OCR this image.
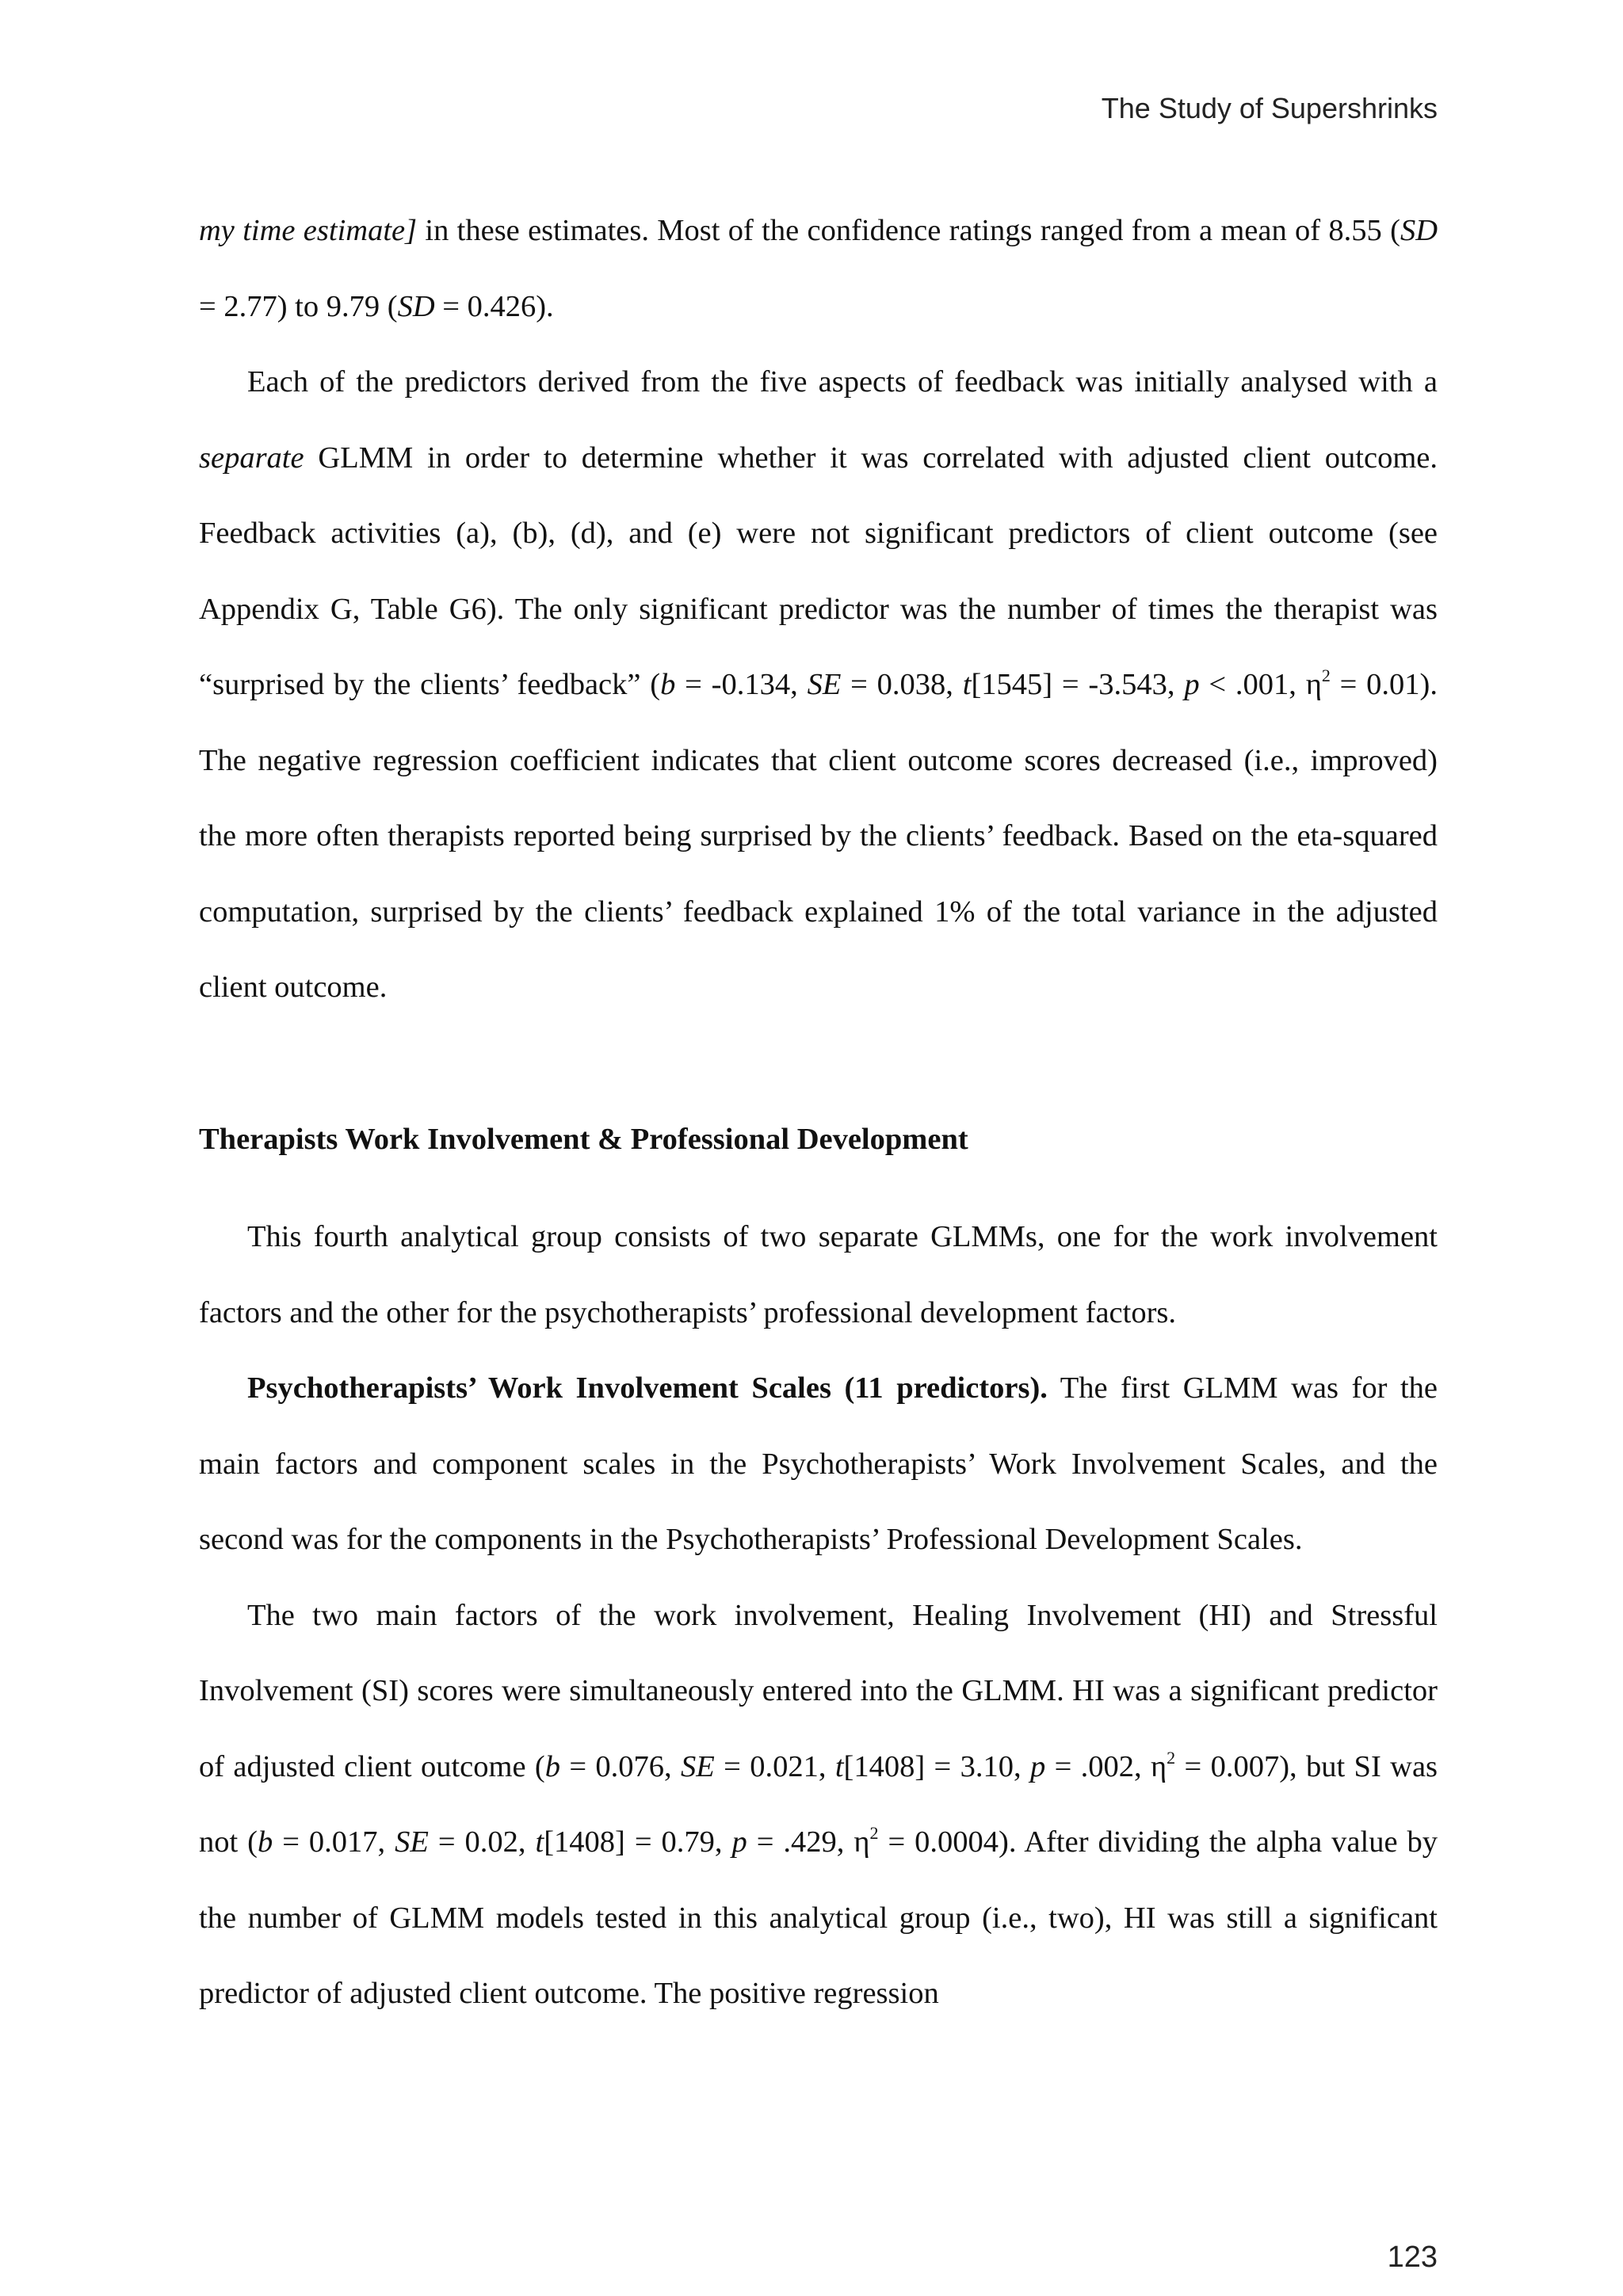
The Study of Supershrinks

my time estimate] in these estimates. Most of the confidence ratings ranged from a mean of 8.55 (SD = 2.77) to 9.79 (SD = 0.426).

Each of the predictors derived from the five aspects of feedback was initially analysed with a separate GLMM in order to determine whether it was correlated with adjusted client outcome. Feedback activities (a), (b), (d), and (e) were not significant predictors of client outcome (see Appendix G, Table G6). The only significant predictor was the number of times the therapist was “surprised by the clients’ feedback” (b = -0.134, SE = 0.038, t[1545] = -3.543, p < .001, $\eta^2 = 0.01$). The negative regression coefficient indicates that client outcome scores decreased (i.e., improved) the more often therapists reported being surprised by the clients’ feedback. Based on the eta-squared computation, surprised by the clients’ feedback explained 1% of the total variance in the adjusted client outcome.

Therapists Work Involvement & Professional Development

This fourth analytical group consists of two separate GLMMs, one for the work involvement factors and the other for the psychotherapists’ professional development factors.

Psychotherapists’ Work Involvement Scales (11 predictors). The first GLMM was for the main factors and component scales in the Psychotherapists’ Work Involvement Scales, and the second was for the components in the Psychotherapists’ Professional Development Scales.

The two main factors of the work involvement, Healing Involvement (HI) and Stressful Involvement (SI) scores were simultaneously entered into the GLMM. HI was a significant predictor of adjusted client outcome (b = 0.076, SE = 0.021, t[1408] = 3.10, p = .002, $\eta^2 = 0.007$), but SI was not (b = 0.017, SE = 0.02, t[1408] = 0.79, p = .429, $\eta^2 = 0.0004$). After dividing the alpha value by the number of GLMM models tested in this analytical group (i.e., two), HI was still a significant predictor of adjusted client outcome. The positive regression

123
